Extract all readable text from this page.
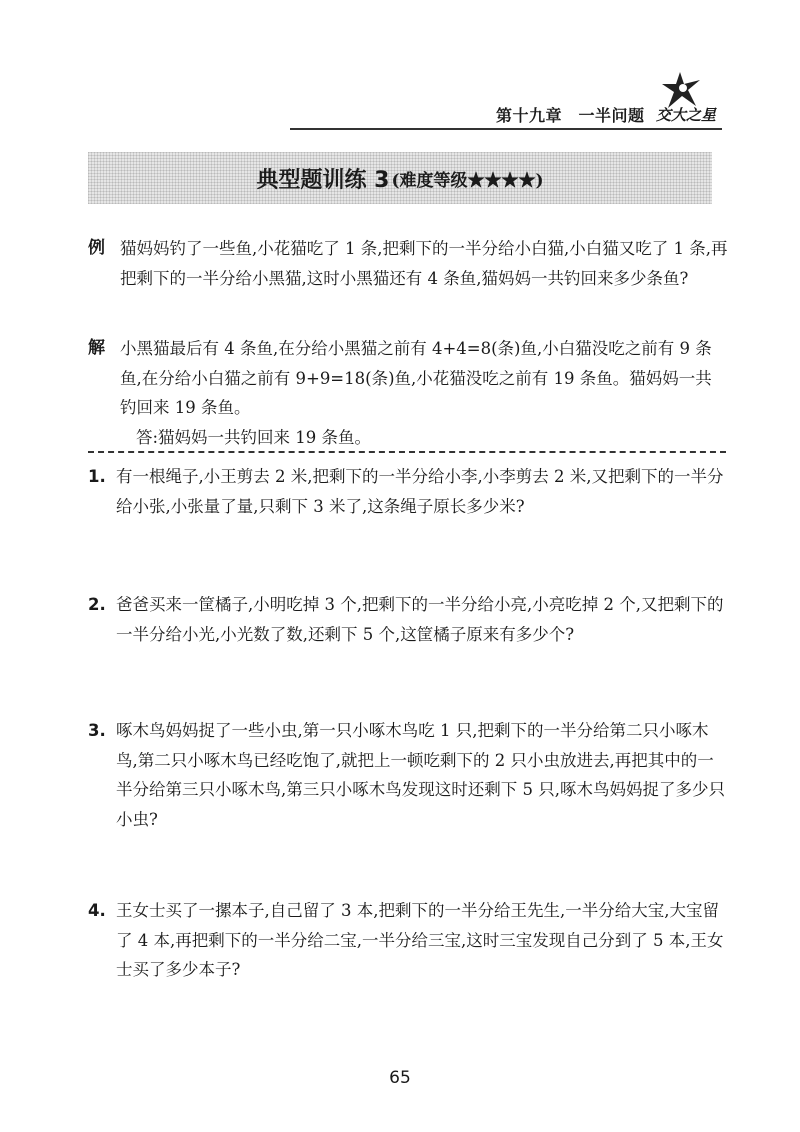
第十九章　一半问题 交大之星
典型题训练 3 (难度等级★★★★)
例 猫妈妈钓了一些鱼,小花猫吃了 1 条,把剩下的一半分给小白猫,小白猫又吃了 1 条,再把剩下的一半分给小黑猫,这时小黑猫还有 4 条鱼,猫妈妈一共钓回来多少条鱼?
解 小黑猫最后有 4 条鱼,在分给小黑猫之前有 4+4=8(条)鱼,小白猫没吃之前有 9 条鱼,在分给小白猫之前有 9+9=18(条)鱼,小花猫没吃之前有 19 条鱼。猫妈妈一共钓回来 19 条鱼。
答:猫妈妈一共钓回来 19 条鱼。
1. 有一根绳子,小王剪去 2 米,把剩下的一半分给小李,小李剪去 2 米,又把剩下的一半分给小张,小张量了量,只剩下 3 米了,这条绳子原长多少米?
2. 爸爸买来一筐橘子,小明吃掉 3 个,把剩下的一半分给小亮,小亮吃掉 2 个,又把剩下的一半分给小光,小光数了数,还剩下 5 个,这筐橘子原来有多少个?
3. 啄木鸟妈妈捉了一些小虫,第一只小啄木鸟吃 1 只,把剩下的一半分给第二只小啄木鸟,第二只小啄木鸟已经吃饱了,就把上一顿吃剩下的 2 只小虫放进去,再把其中的一半分给第三只小啄木鸟,第三只小啄木鸟发现这时还剩下 5 只,啄木鸟妈妈捉了多少只小虫?
4. 王女士买了一摞本子,自己留了 3 本,把剩下的一半分给王先生,一半分给大宝,大宝留了 4 本,再把剩下的一半分给二宝,一半分给三宝,这时三宝发现自己分到了 5 本,王女士买了多少本子?
65
